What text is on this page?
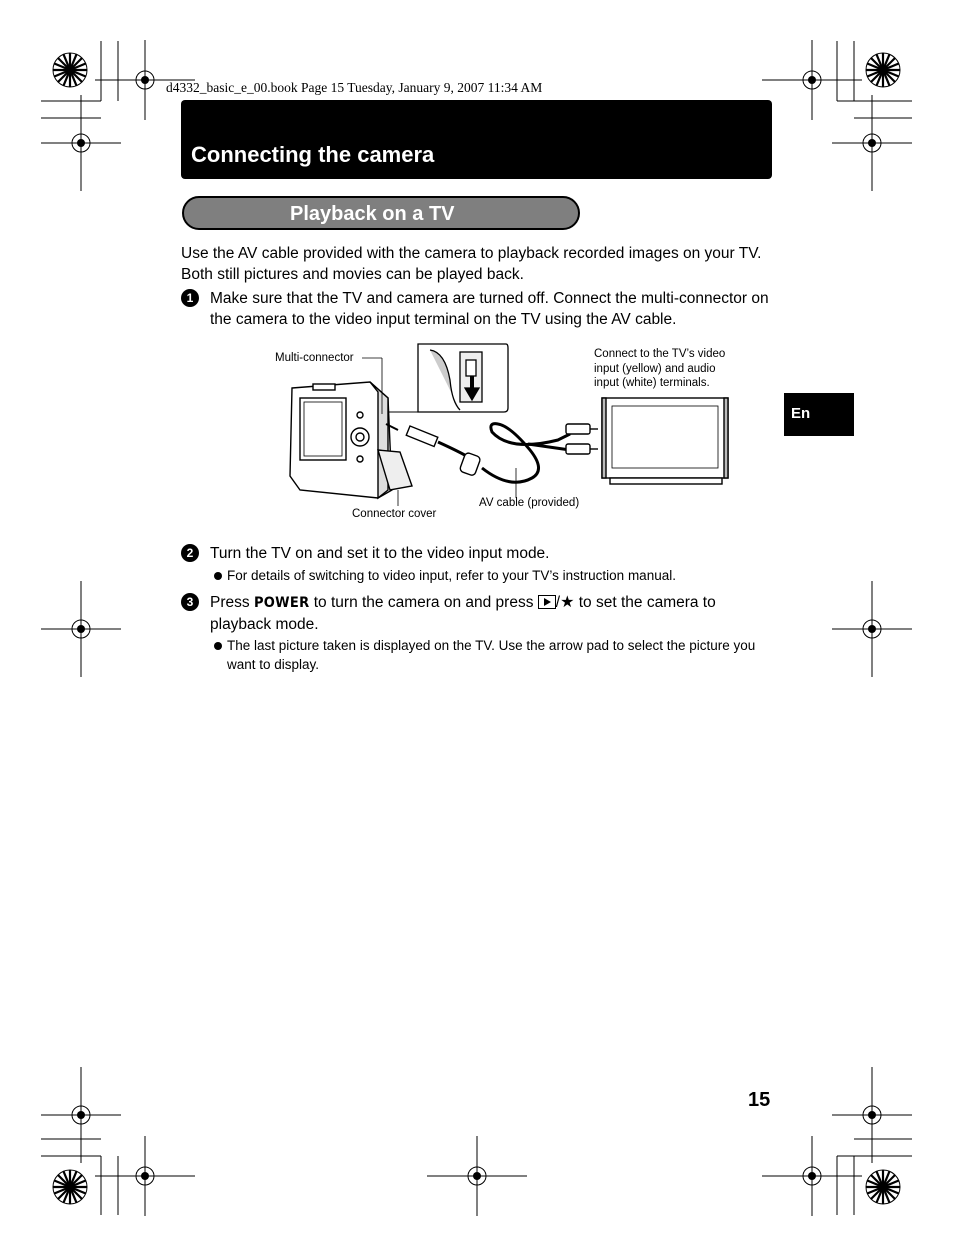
d4332_basic_e_00.book Page 15 Tuesday, January 9, 2007 11:34 AM
Connecting the camera
Playback on a TV
Use the AV cable provided with the camera to playback recorded images on your TV. Both still pictures and movies can be played back.
1	Make sure that the TV and camera are turned off. Connect the multi-connector on the camera to the video input terminal on the TV using the AV cable.
Multi-connector	Connect to the TV’s video
input (yellow) and audio
input (white) terminals.
AV cable (provided)
Connector cover
2	Turn the TV on and set it to the video input mode.
For details of switching to video input, refer to your TV’s instruction manual.
3	Press POWER to turn the camera on and press /★ to set the camera to playback mode.
The last picture taken is displayed on the TV. Use the arrow pad to select the picture you want to display.
En
15
